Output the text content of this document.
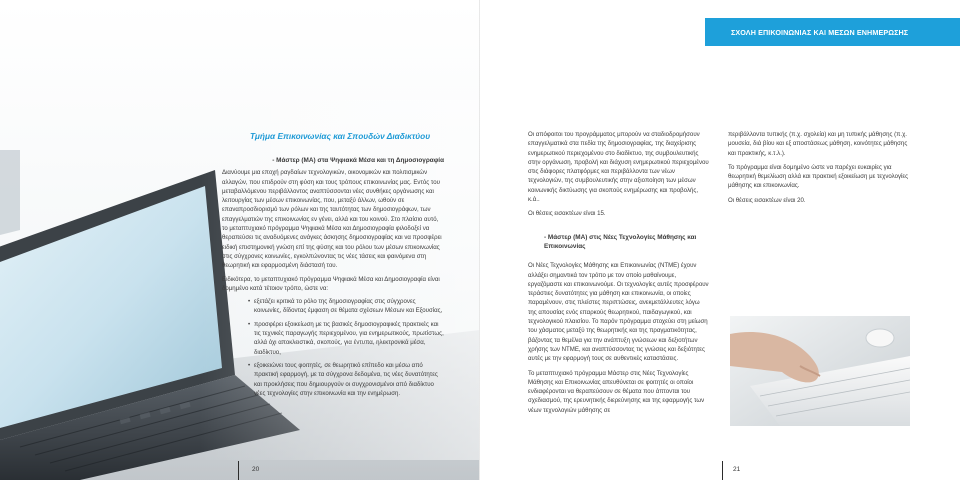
Τμήμα Επικοινωνίας και Σπουδών Διαδικτύου
- Μάστερ (ΜΑ) στα Ψηφιακά Μέσα και τη Δημοσιογραφία

Διανύουμε μια εποχή ραγδαίων τεχνολογικών, οικονομικών και πολιτισμικών αλλαγών, που επιδρούν στη φύση και τους τρόπους επικοινωνίας μας. Εντός του μεταβαλλόμενου περιβάλλοντος αναπτύσσονται νέες συνθήκες οργάνωσης και λειτουργίας των μέσων επικοινωνίας, που, μεταξύ άλλων, ωθούν σε επαναπροσδιορισμό των ρόλων και της ταυτότητας των δημοσιογράφων, των επαγγελματιών της επικοινωνίας εν γένει, αλλά και του κοινού. Στο πλαίσιο αυτό, το μεταπτυχιακό πρόγραμμα Ψηφιακά Μέσα και Δημοσιογραφία φιλοδοξεί να θεραπεύσει τις αναδυόμενες ανάγκες άσκησης δημοσιογραφίας και να προσφέρει ειδική επιστημονική γνώση επί της φύσης και του ρόλου των μέσων επικοινωνίας στις σύγχρονες κοινωνίες, εγκολπώνοντας τις νέες τάσεις και φαινόμενα στη θεωρητική και εφαρμοσμένη διάστασή του.

Ειδικότερα, το μεταπτυχιακό πρόγραμμα Ψηφιακά Μέσα και Δημοσιογραφία είναι δομημένο κατά τέτοιον τρόπο, ώστε να:

• εξετάζει κριτικά το ρόλο της δημοσιογραφίας στις σύγχρονες κοινωνίες, δίδοντας έμφαση σε θέματα σχέσεων Μέσων και Εξουσίας,
• προσφέρει εξοικείωση με τις βασικές δημοσιογραφικές πρακτικές και τις τεχνικές παραγωγής περιεχομένου, για ενημερωτικούς, πρωτίστως, αλλά όχι αποκλειστικά, σκοπούς, για έντυπα, ηλεκτρονικά μέσα, διαδίκτυο,
• εξοικειώνει τους φοιτητές, σε θεωρητικό επίπεδο και μέσω από πρακτική εφαρμογή, με τα σύγχρονα δεδομένα, τις νέες δυνατότητες και προκλήσεις που δημιουργούν οι συγχρονισμένοι από διαδίκτυο νέες τεχνολογίες στην επικοινωνία και την ενημέρωση.
20
ΣΧΟΛΗ ΕΠΙΚΟΙΝΩΝΙΑΣ ΚΑΙ ΜΕΣΩΝ ΕΝΗΜΕΡΩΣΗΣ

Οι απόφοιτοι του προγράμματος μπορούν να σταδιοδρομήσουν επαγγελματικά στα πεδία της δημοσιογραφίας, της διαχείρισης ενημερωτικού περιεχομένου στο διαδίκτυο, της συμβουλευτικής στην οργάνωση, προβολή και διάχυση ενημερωτικού περιεχομένου στις διάφορες πλατφόρμες και περιβάλλοντα των νέων τεχνολογιών, της συμβουλευτικής στην αξιοποίηση των μέσων κοινωνικής δικτύωσης για σκοπούς ενημέρωσης και προβολής, κ.ά..

Οι θέσεις εισακτέων είναι 15.

- Μάστερ (ΜΑ) στις Νέες Τεχνολογίες Μάθησης και Επικοινωνίας

Οι Νέες Τεχνολογίες Μάθησης και Επικοινωνίας (ΝΤΜΕ) έχουν αλλάξει σημαντικά τον τρόπο με τον οποίο μαθαίνουμε, εργαζόμαστε και επικοινωνούμε. Οι τεχνολογίες αυτές προσφέρουν τεράστιες δυνατότητες για μάθηση και επικοινωνία, οι οποίες παραμένουν, στις πλείστες περιπτώσεις, ανεκμετάλλευτες λόγω της απουσίας ενός επαρκούς θεωρητικού, παιδαγωγικού, και τεχνολογικού πλαισίου. Το παρόν πρόγραμμα στοχεύει στη μείωση του χάσματος μεταξύ της θεωρητικής και της πραγματικότητας, βάζοντας τα θεμέλια για την ανάπτυξη γνώσεων και δεξιοτήτων χρήσης των ΝΤΜΕ, και αναπτύσσοντας τις γνώσεις και δεξιότητες αυτές με την εφαρμογή τους σε αυθεντικές καταστάσεις.

Το μεταπτυχιακό πρόγραμμα Μάστερ στις Νέες Τεχνολογίες Μάθησης και Επικοινωνίας απευθύνεται σε φοιτητές οι οποίοι ενδιαφέρονται να θεραπεύσουν σε θέματα που άπτονται του σχεδιασμού, της ερευνητικής διερεύνησης και της εφαρμογής των νέων τεχνολογιών μάθησης σε

περιβάλλοντα τυπικής (π.χ. σχολεία) και μη τυπικής μάθησης (π.χ. μουσεία, διά βίου και εξ αποστάσεως μάθηση, κοινότητες μάθησης και πρακτικής, κ.τ.λ.).

Το πρόγραμμα είναι δομημένο ώστε να παρέχει ευκαιρίες για θεωρητική θεμελίωση αλλά και πρακτική εξοικείωση με τεχνολογίες μάθησης και επικοινωνίας.

Οι θέσεις εισακτέων είναι 20.

21
